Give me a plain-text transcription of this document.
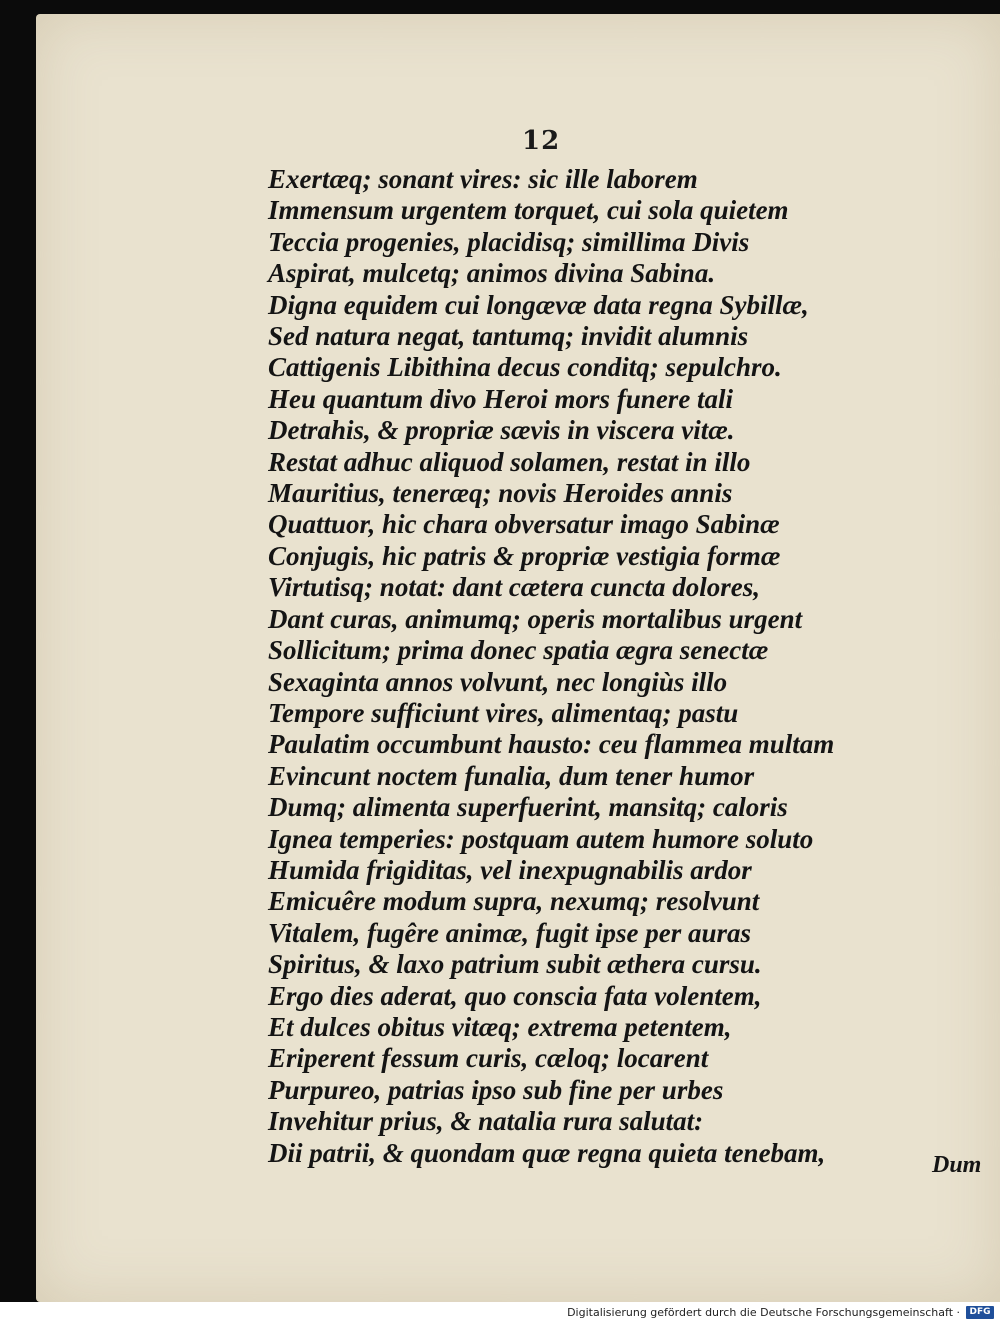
12
Exertæq; sonant vires: sic ille laborem
Immensum urgentem torquet, cui sola quietem
Teccia progenies, placidisq; simillima Divis
Aspirat, mulcetq; animos divina Sabina.
Digna equidem cui longævæ data regna Sybillæ,
Sed natura negat, tantumq; invidit alumnis
Cattigenis Libithina decus conditq; sepulchro.
Heu quantum divo Heroi mors funere tali
Detrahis, & propriæ sævis in viscera vitæ.
Restat adhuc aliquod solamen, restat in illo
Mauritius, teneræq; novis Heroides annis
Quattuor, hic chara obversatur imago Sabinæ
Conjugis, hic patris & propriæ vestigia formæ
Virtutisq; notat: dant cætera cuncta dolores,
Dant curas, animumq; operis mortalibus urgent
Sollicitum; prima donec spatia ægra senectæ
Sexaginta annos volvunt, nec longiùs illo
Tempore sufficiunt vires, alimentaq; pastu
Paulatim occumbunt hausto: ceu flammea multam
Evincunt noctem funalia, dum tener humor
Dumq; alimenta superfuerint, mansitq; caloris
Ignea temperies: postquam autem humore soluto
Humida frigiditas, vel inexpugnabilis ardor
Emicuêre modum supra, nexumq; resolvunt
Vitalem, fugêre animæ, fugit ipse per auras
Spiritus, & laxo patrium subit æthera cursu.
Ergo dies aderat, quo conscia fata volentem,
Et dulces obitus vitæq; extrema petentem,
Eriperent fessum curis, cæloq; locarent
Purpureo, patrias ipso sub fine per urbes
Invehitur prius, & natalia rura salutat:
Dii patrii, & quondam quæ regna quieta tenebam,	Dum
Digitalisierung gefördert durch die Deutsche Forschungsgemeinschaft ·	DFG
